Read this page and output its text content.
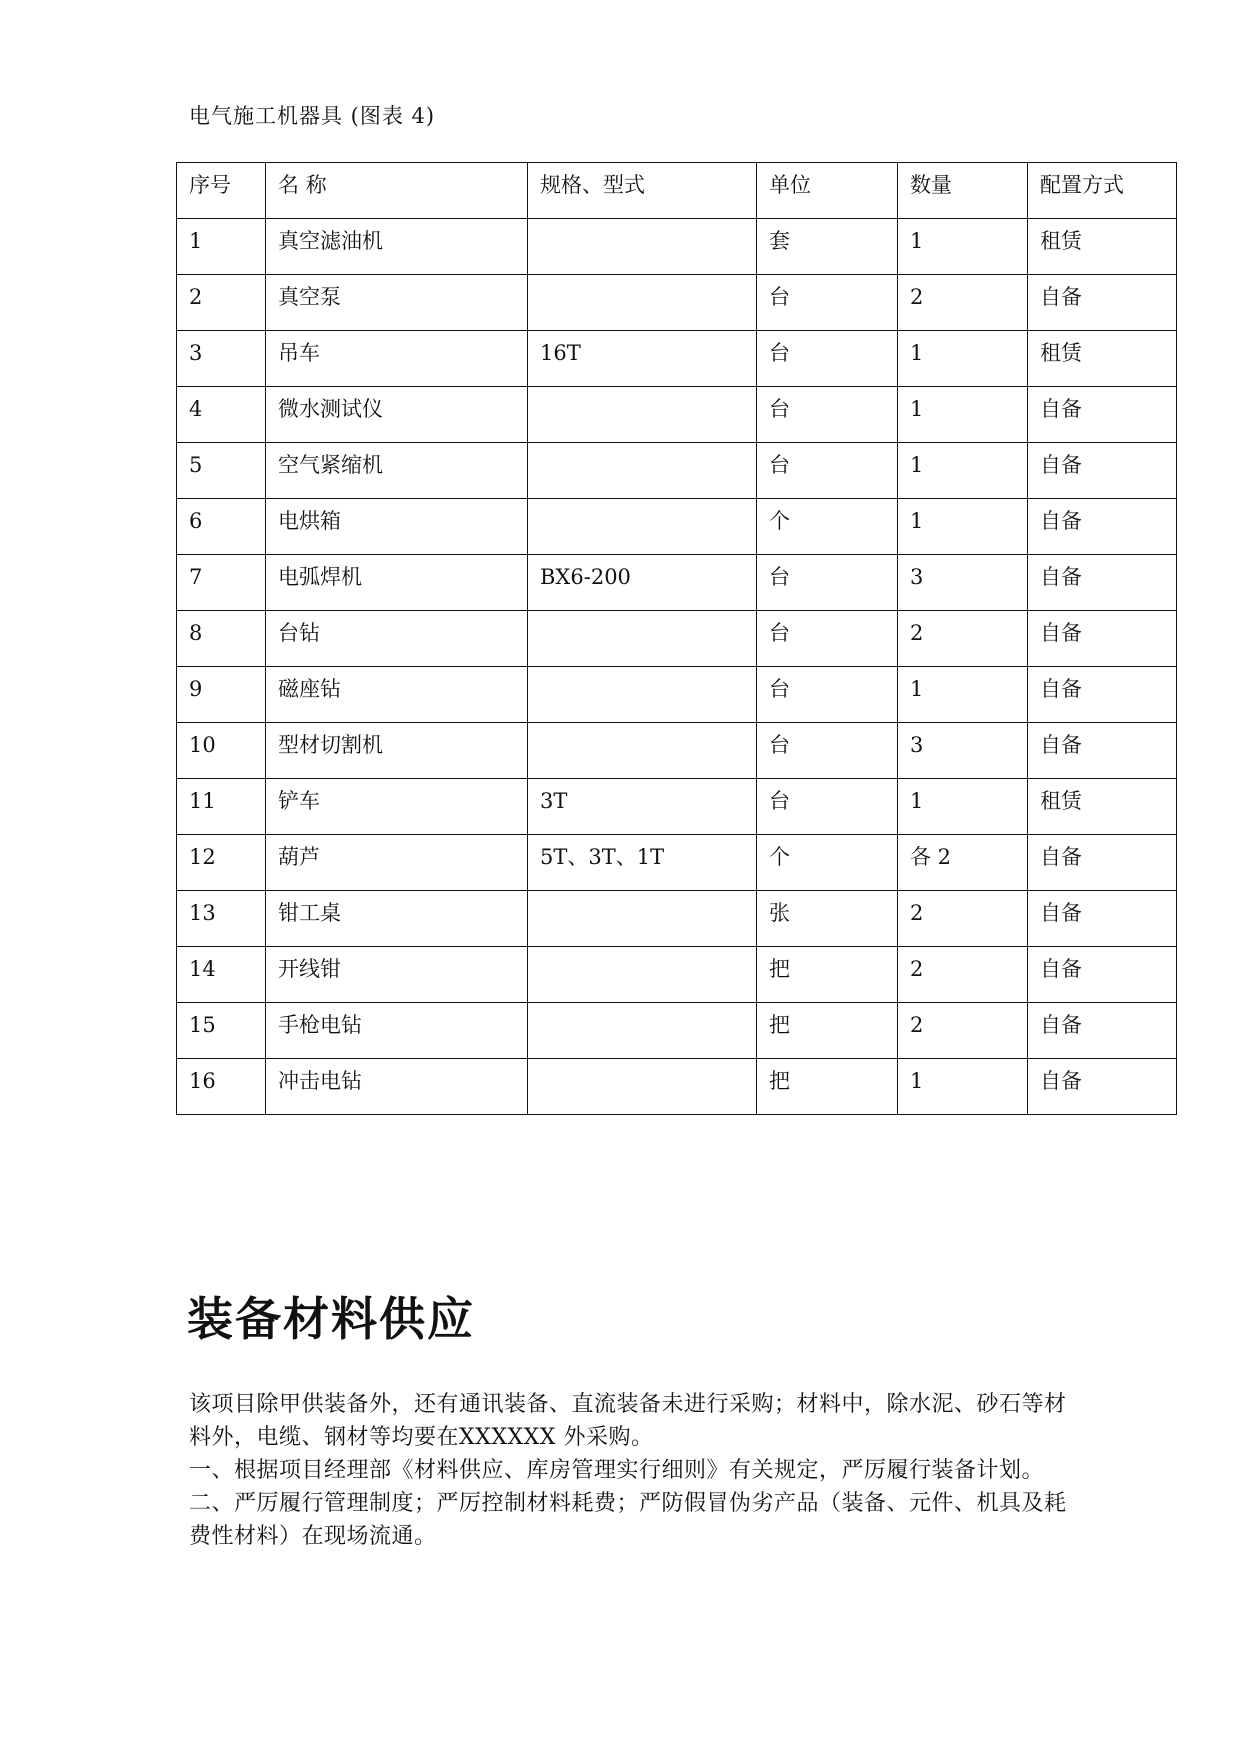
电气施工机器具 (图表 4)
序号	名 称	规格、型式	单位	数量	配置方式
1	真空滤油机		套	1	租赁
2	真空泵		台	2	自备
3	吊车	16T	台	1	租赁
4	微水测试仪		台	1	自备
5	空气紧缩机		台	1	自备
6	电烘箱		个	1	自备
7	电弧焊机	BX6-200	台	3	自备
8	台钻		台	2	自备
9	磁座钻		台	1	自备
10	型材切割机		台	3	自备
11	铲车	3T	台	1	租赁
12	葫芦	5T、3T、1T	个	各 2	自备
13	钳工桌		张	2	自备
14	开线钳		把	2	自备
15	手枪电钻		把	2	自备
16	冲击电钻		把	1	自备
装备材料供应

该项目除甲供装备外，还有通讯装备、直流装备未进行采购；材料中，除水泥、砂石等材料外，电缆、钢材等均要在XXXXXX 外采购。

一、根据项目经理部《材料供应、库房管理实行细则》有关规定，严厉履行装备计划。

二、严厉履行管理制度；严厉控制材料耗费；严防假冒伪劣产品（装备、元件、机具及耗费性材料）在现场流通。
